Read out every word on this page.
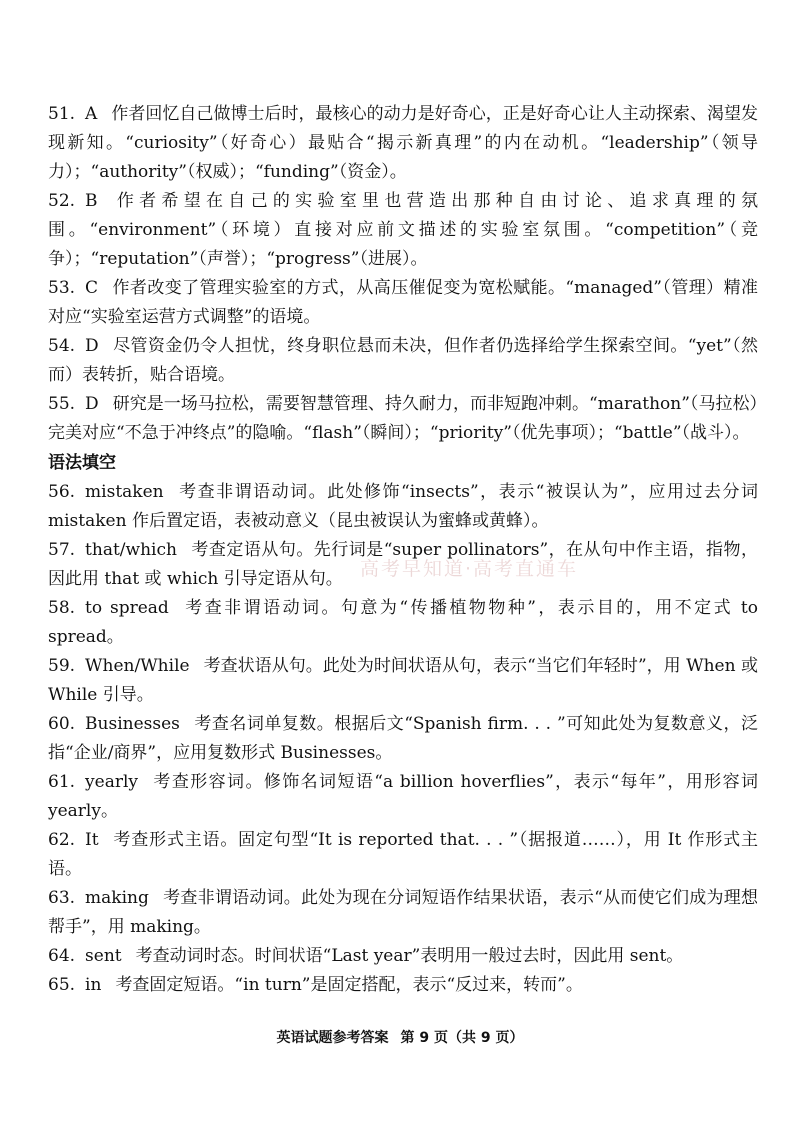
51. A 作者回忆自己做博士后时，最核心的动力是好奇心，正是好奇心让人主动探索、渴望发现新知。“curiosity”（好奇心）最贴合“揭示新真理”的内在动机。“leadership”（领导力）；“authority”（权威）；“funding”（资金）。
52. B 作者希望在自己的实验室里也营造出那种自由讨论、追求真理的氛围。“environment”（环境）直接对应前文描述的实验室氛围。“competition”（竞争）；“reputation”（声誉）；“progress”（进展）。
53. C 作者改变了管理实验室的方式，从高压催促变为宽松赋能。“managed”（管理）精准对应“实验室运营方式调整”的语境。
54. D 尽管资金仍令人担忧，终身职位悬而未决，但作者仍选择给学生探索空间。“yet”（然而）表转折，贴合语境。
55. D 研究是一场马拉松，需要智慧管理、持久耐力，而非短跑冲刺。“marathon”（马拉松）完美对应“不急于冲终点”的隐喻。“flash”（瞬间）；“priority”（优先事项）；“battle”（战斗）。
语法填空
56. mistaken 考查非谓语动词。此处修饰“insects”，表示“被误认为”，应用过去分词 mistaken 作后置定语，表被动意义（昆虫被误认为蜜蜂或黄蜂）。
57. that/which 考查定语从句。先行词是“super pollinators”，在从句中作主语，指物，因此用 that 或 which 引导定语从句。
58. to spread 考查非谓语动词。句意为“传播植物物种”，表示目的，用不定式 to spread。
59. When/While 考查状语从句。此处为时间状语从句，表示“当它们年轻时”，用 When 或 While 引导。
60. Businesses 考查名词单复数。根据后文“Spanish firm. . . ”可知此处为复数意义，泛指“企业/商界”，应用复数形式 Businesses。
61. yearly 考查形容词。修饰名词短语“a billion hoverflies”，表示“每年”，用形容词 yearly。
62. It 考查形式主语。固定句型“It is reported that. . . ”（据报道……），用 It 作形式主语。
63. making 考查非谓语动词。此处为现在分词短语作结果状语，表示“从而使它们成为理想帮手”，用 making。
64. sent 考查动词时态。时间状语“Last year”表明用一般过去时，因此用 sent。
65. in 考查固定短语。“in turn”是固定搭配，表示“反过来，转而”。
高考早知道·高考直通车
英语试题参考答案 第 9 页（共 9 页）
